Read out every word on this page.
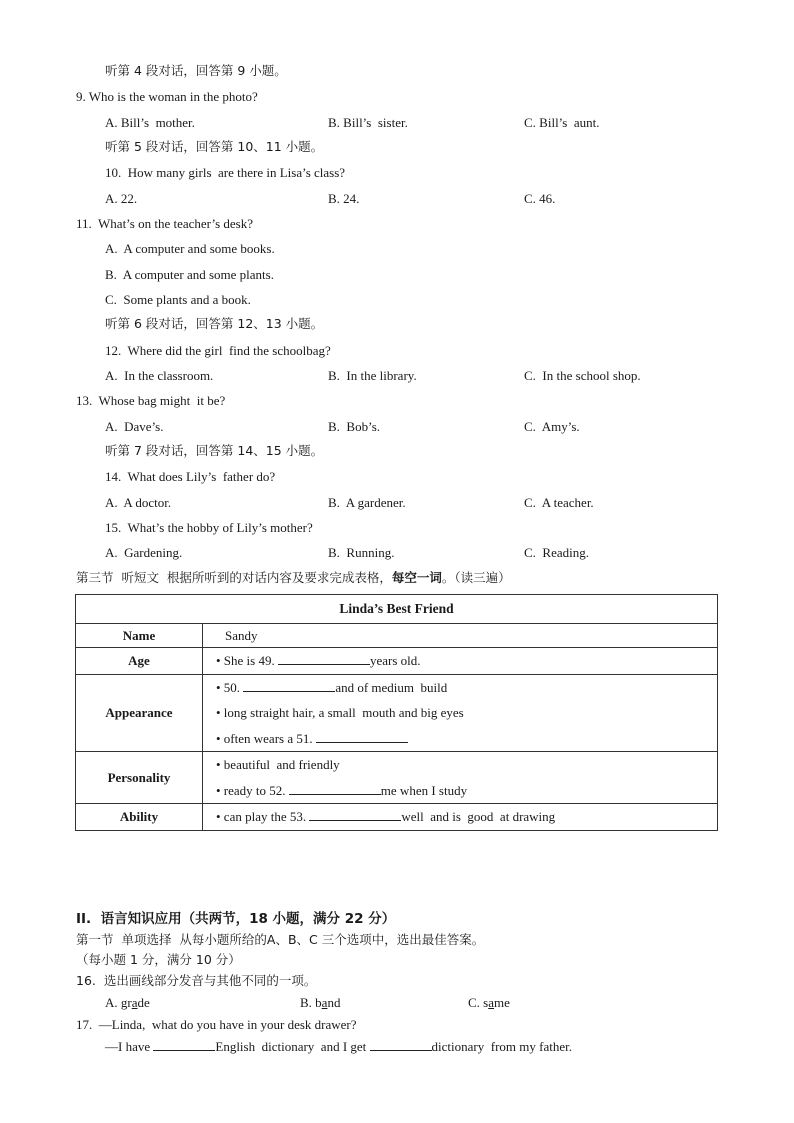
听第 4 段对话，回答第 9 小题。
9. Who is the woman in the photo?
A. Bill’s  mother.	B. Bill’s  sister.	C. Bill’s  aunt.
听第 5 段对话，回答第 10、11 小题。
10.  How many girls  are there in Lisa’s class?
A. 22.	B. 24.	C. 46.
11.  What’s on the teacher’s desk?
A.  A computer and some books.
B.  A computer and some plants.
C.  Some plants and a book.
听第 6 段对话，回答第 12、13 小题。
12.  Where did the girl  find the schoolbag?
A.  In the classroom.	B.  In the library.	C.  In the school shop.
13.  Whose bag might  it be?
A.  Dave’s.	B.  Bob’s.	C.  Amy’s.
听第 7 段对话，回答第 14、15 小题。
14.  What does Lily’s  father do?
A.  A doctor.	B.  A gardener.	C.  A teacher.
15.  What’s the hobby of Lily’s mother?
A.  Gardening.	B.  Running.	C.  Reading.
第三节  听短文  根据所听到的对话内容及要求完成表格，每空一词。（读三遍）
Linda’s Best Friend	
Name	Sandy
Age	• She is 49. years old.
Appearance	• 50. and of medium  build
• long straight hair, a small  mouth and big eyes
• often wears a 51.

Personality	• beautiful  and friendly
• ready to 52. me when I study

Ability	• can play the 53. well  and is  good  at drawing
II.  语言知识应用（共两节，18 小题，满分 22 分）
第一节  单项选择  从每小题所给的A、B、C 三个选项中，选出最佳答案。
（每小题 1 分，满分 10 分）
16.  选出画线部分发音与其他不同的一项。
A. grade	B. band	C. same
17.  —Linda,  what do you have in your desk drawer?
—I have	English  dictionary  and I get	dictionary  from my father.
